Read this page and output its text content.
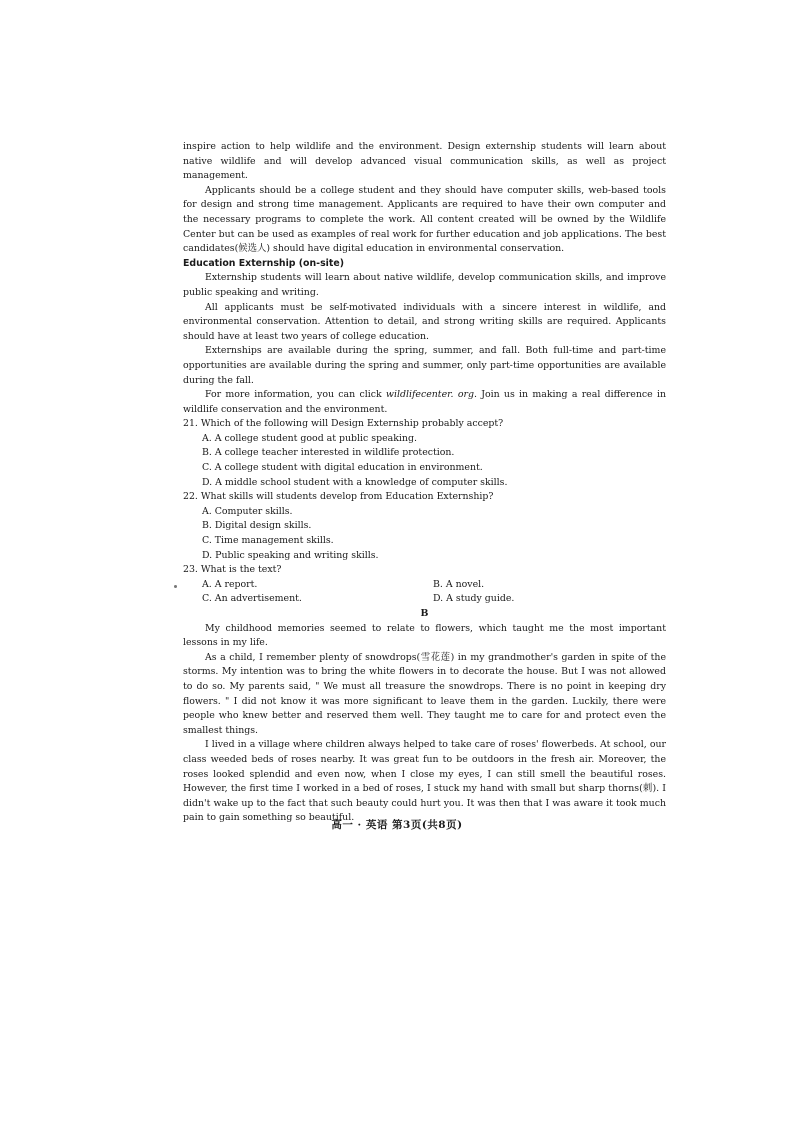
inspire action to help wildlife and the environment. Design externship students will learn about native wildlife and will develop advanced visual communication skills, as well as project management.

Applicants should be a college student and they should have computer skills, web-based tools for design and strong time management. Applicants are required to have their own computer and the necessary programs to complete the work. All content created will be owned by the Wildlife Center but can be used as examples of real work for further education and job applications. The best candidates(候选人) should have digital education in environmental conservation.

Education Externship (on-site)

Externship students will learn about native wildlife, develop communication skills, and improve public speaking and writing.

All applicants must be self-motivated individuals with a sincere interest in wildlife, and environmental conservation. Attention to detail, and strong writing skills are required. Applicants should have at least two years of college education.

Externships are available during the spring, summer, and fall. Both full-time and part-time opportunities are available during the spring and summer, only part-time opportunities are available during the fall.

For more information, you can click wildlifecenter. org. Join us in making a real difference in wildlife conservation and the environment.

21. Which of the following will Design Externship probably accept?

A. A college student good at public speaking.

B. A college teacher interested in wildlife protection.

C. A college student with digital education in environment.

D. A middle school student with a knowledge of computer skills.

22. What skills will students develop from Education Externship?

A. Computer skills.

B. Digital design skills.

C. Time management skills.

D. Public speaking and writing skills.

23. What is the text?

A. A report.	B. A novel.
C. An advertisement.	D. A study guide.

B

My childhood memories seemed to relate to flowers, which taught me the most important lessons in my life.

As a child, I remember plenty of snowdrops(雪花莲) in my grandmother's garden in spite of the storms. My intention was to bring the white flowers in to decorate the house. But I was not allowed to do so. My parents said, " We must all treasure the snowdrops. There is no point in keeping dry flowers. " I did not know it was more significant to leave them in the garden. Luckily, there were people who knew better and reserved them well. They taught me to care for and protect even the smallest things.

I lived in a village where children always helped to take care of roses' flowerbeds. At school, our class weeded beds of roses nearby. It was great fun to be outdoors in the fresh air. Moreover, the roses looked splendid and even now, when I close my eyes, I can still smell the beautiful roses. However, the first time I worked in a bed of roses, I stuck my hand with small but sharp thorns(刺). I didn't wake up to the fact that such beauty could hurt you. It was then that I was aware it took much pain to gain something so beautiful.

高一 · 英语 第3页(共8页)
